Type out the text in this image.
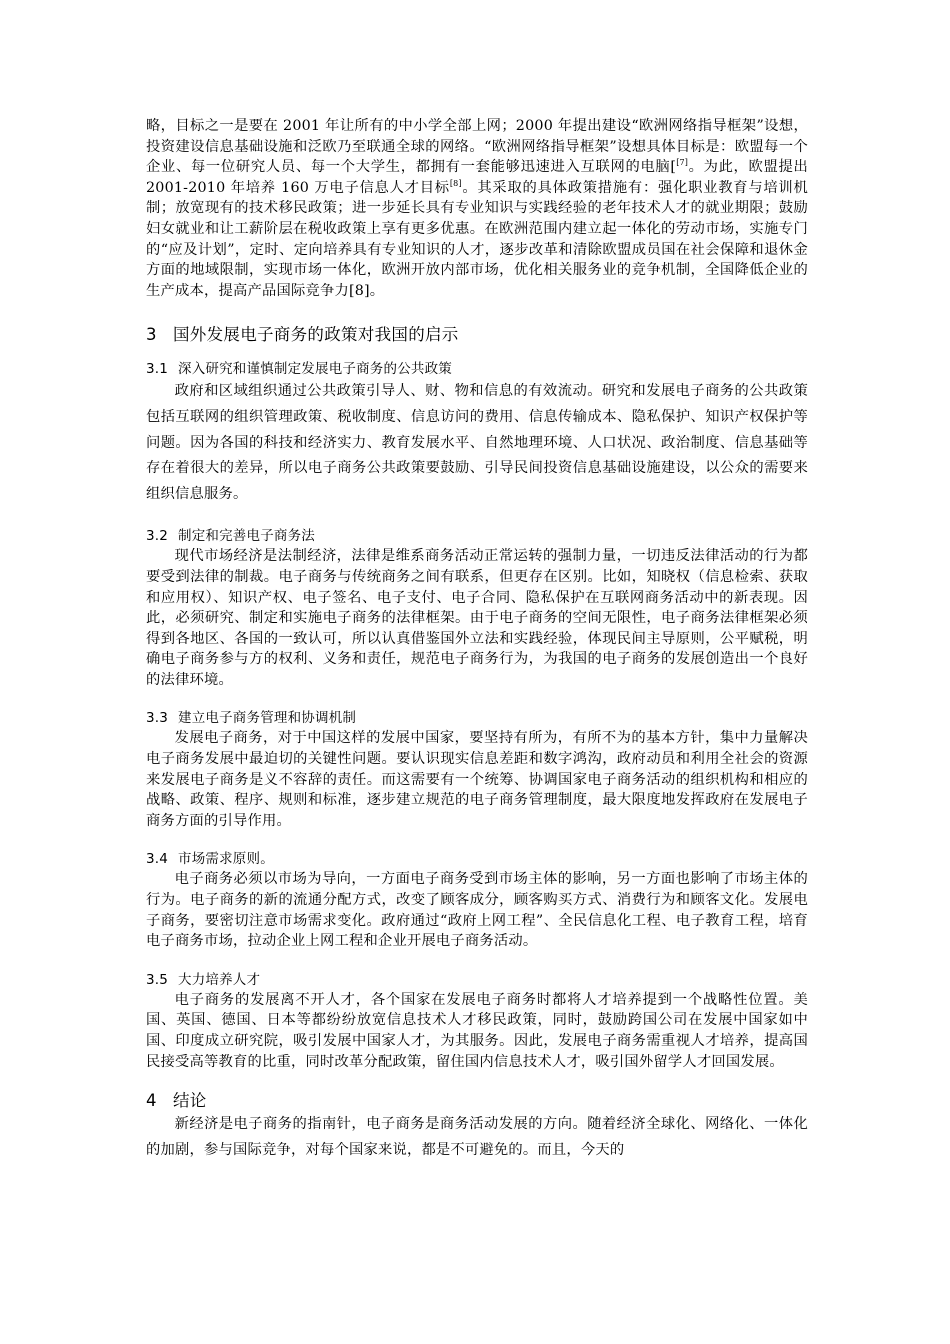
略，目标之一是要在 2001 年让所有的中小学全部上网；2000 年提出建设“欧洲网络指导框架”设想，投资建设信息基础设施和泛欧乃至联通全球的网络。“欧洲网络指导框架”设想具体目标是：欧盟每一个企业、每一位研究人员、每一个大学生，都拥有一套能够迅速进入互联网的电脑[[7]。为此，欧盟提出 2001-2010 年培养 160 万电子信息人才目标[8]。其采取的具体政策措施有：强化职业教育与培训机制；放宽现有的技术移民政策；进一步延长具有专业知识与实践经验的老年技术人才的就业期限；鼓励妇女就业和让工薪阶层在税收政策上享有更多优惠。在欧洲范围内建立起一体化的劳动市场，实施专门的“应及计划”，定时、定向培养具有专业知识的人才，逐步改革和清除欧盟成员国在社会保障和退休金方面的地域限制，实现市场一体化，欧洲开放内部市场，优化相关服务业的竞争机制，全国降低企业的生产成本，提高产品国际竞争力[8]。

3 国外发展电子商务的政策对我国的启示
3.1 深入研究和谨慎制定发展电子商务的公共政策

政府和区域组织通过公共政策引导人、财、物和信息的有效流动。研究和发展电子商务的公共政策包括互联网的组织管理政策、税收制度、信息访问的费用、信息传输成本、隐私保护、知识产权保护等问题。因为各国的科技和经济实力、教育发展水平、自然地理环境、人口状况、政治制度、信息基础等存在着很大的差异，所以电子商务公共政策要鼓励、引导民间投资信息基础设施建设，以公众的需要来组织信息服务。

3.2 制定和完善电子商务法

现代市场经济是法制经济，法律是维系商务活动正常运转的强制力量，一切违反法律活动的行为都要受到法律的制裁。电子商务与传统商务之间有联系，但更存在区别。比如，知晓权（信息检索、获取和应用权）、知识产权、电子签名、电子支付、电子合同、隐私保护在互联网商务活动中的新表现。因此，必须研究、制定和实施电子商务的法律框架。由于电子商务的空间无限性，电子商务法律框架必须得到各地区、各国的一致认可，所以认真借鉴国外立法和实践经验，体现民间主导原则，公平赋税，明确电子商务参与方的权利、义务和责任，规范电子商务行为，为我国的电子商务的发展创造出一个良好的法律环境。

3.3 建立电子商务管理和协调机制

发展电子商务，对于中国这样的发展中国家，要坚持有所为，有所不为的基本方针，集中力量解决电子商务发展中最迫切的关键性问题。要认识现实信息差距和数字鸿沟，政府动员和利用全社会的资源来发展电子商务是义不容辞的责任。而这需要有一个统筹、协调国家电子商务活动的组织机构和相应的战略、政策、程序、规则和标准，逐步建立规范的电子商务管理制度，最大限度地发挥政府在发展电子商务方面的引导作用。

3.4 市场需求原则。

电子商务必须以市场为导向，一方面电子商务受到市场主体的影响，另一方面也影响了市场主体的行为。电子商务的新的流通分配方式，改变了顾客成分，顾客购买方式、消费行为和顾客文化。发展电子商务，要密切注意市场需求变化。政府通过“政府上网工程”、全民信息化工程、电子教育工程，培育电子商务市场，拉动企业上网工程和企业开展电子商务活动。

3.5 大力培养人才

电子商务的发展离不开人才，各个国家在发展电子商务时都将人才培养提到一个战略性位置。美国、英国、德国、日本等都纷纷放宽信息技术人才移民政策，同时，鼓励跨国公司在发展中国家如中国、印度成立研究院，吸引发展中国家人才，为其服务。因此，发展电子商务需重视人才培养，提高国民接受高等教育的比重，同时改革分配政策，留住国内信息技术人才，吸引国外留学人才回国发展。

4 结论

新经济是电子商务的指南针，电子商务是商务活动发展的方向。随着经济全球化、网络化、一体化的加剧，参与国际竞争，对每个国家来说，都是不可避免的。而且，今天的
